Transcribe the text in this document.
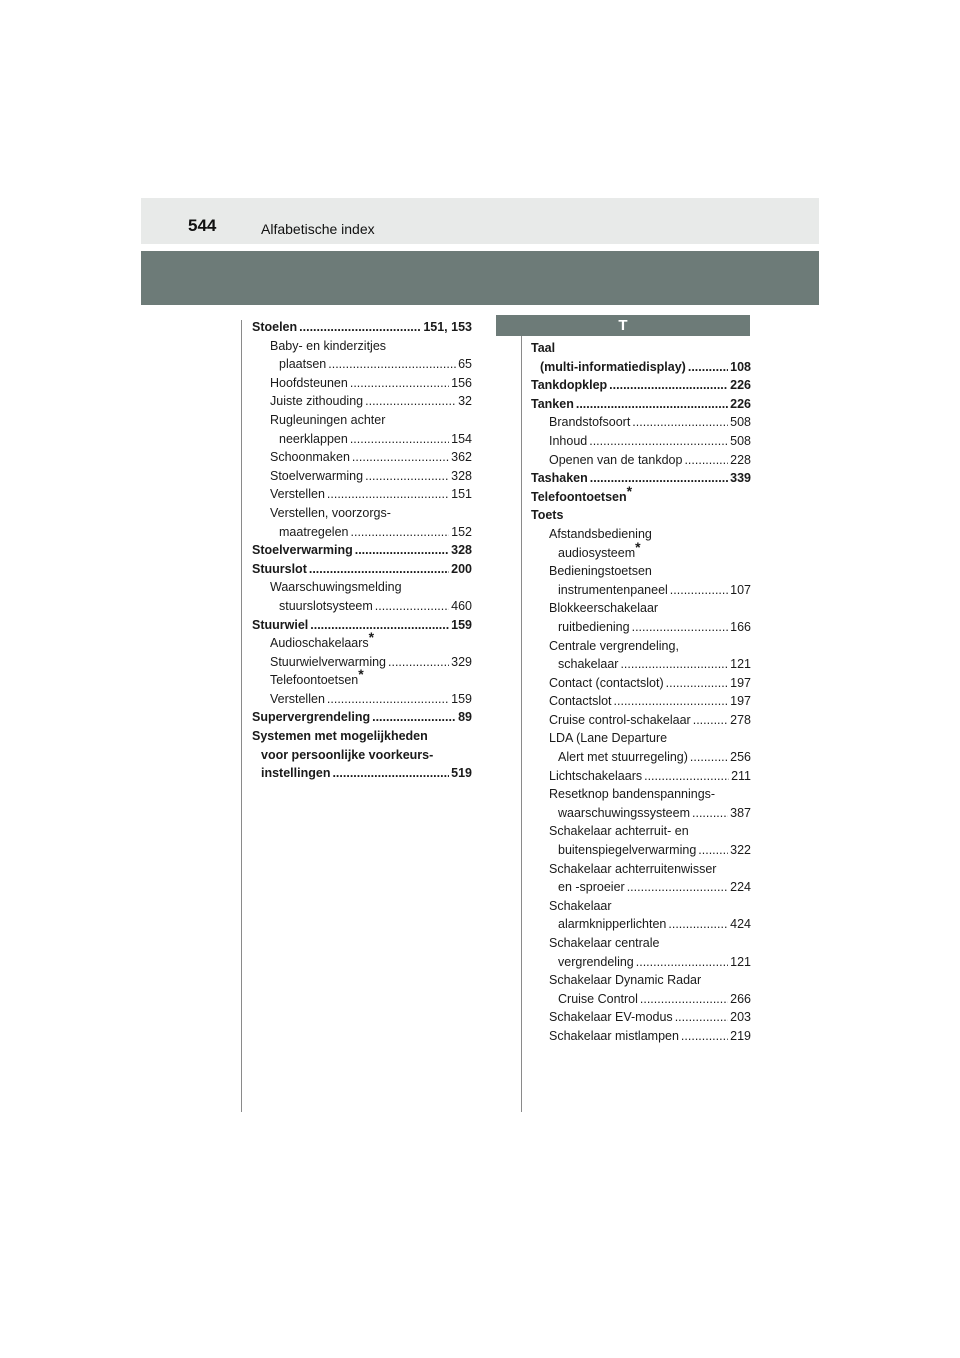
544	Alfabetische index
T
Stoelen .....	151, 153
Baby- en kinderzitjes
plaatsen .....	65
Hoofdsteunen .....	156
Juiste zithouding .....	32
Rugleuningen achter
neerklappen .....	154
Schoonmaken .....	362
Stoelverwarming .....	328
Verstellen .....	151
Verstellen, voorzorgs-
maatregelen .....	152
Stoelverwarming .....	328
Stuurslot .....	200
Waarschuwingsmelding
stuurslotsysteem .....	460
Stuurwiel .....	159
Audioschakelaars*
Stuurwielverwarming .....	329
Telefoontoetsen*
Verstellen .....	159
Supervergrendeling .....	89
Systemen met mogelijkheden
voor persoonlijke voorkeurs-
instellingen .....	519
Taal
(multi-informatiedisplay) .....	108
Tankdopklep .....	226
Tanken .....	226
Brandstofsoort .....	508
Inhoud .....	508
Openen van de tankdop .....	228
Tashaken .....	339
Telefoontoetsen*
Toets
Afstandsbediening
audiosysteem*
Bedieningstoetsen
instrumentenpaneel .....	107
Blokkeerschakelaar
ruitbediening .....	166
Centrale vergrendeling,
schakelaar .....	121
Contact (contactslot) .....	197
Contactslot .....	197
Cruise control-schakelaar .....	278
LDA (Lane Departure
Alert met stuurregeling) .....	256
Lichtschakelaars .....	211
Resetknop bandenspannings-
waarschuwingssysteem .....	387
Schakelaar achterruit- en
buitenspiegelverwarming .....	322
Schakelaar achterruitenwisser
en -sproeier .....	224
Schakelaar
alarmknipperlichten .....	424
Schakelaar centrale
vergrendeling .....	121
Schakelaar Dynamic Radar
Cruise Control .....	266
Schakelaar EV-modus .....	203
Schakelaar mistlampen .....	219
